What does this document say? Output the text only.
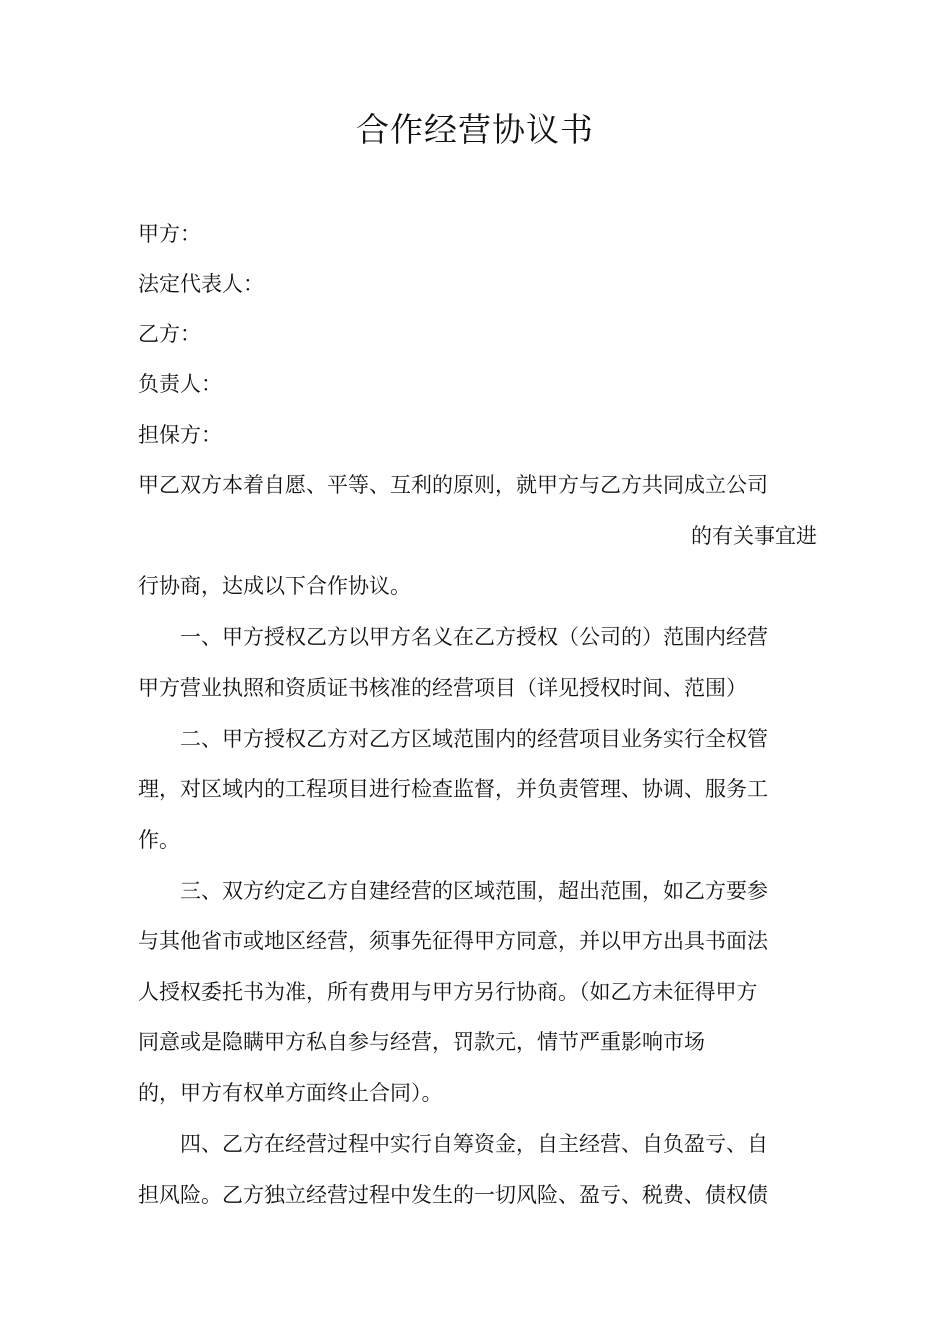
合作经营协议书

甲方：

法定代表人：

乙方：

负责人：

担保方：

甲乙双方本着自愿、平等、互利的原则，就甲方与乙方共同成立公司

的有关事宜进

行协商，达成以下合作协议。

　　一、甲方授权乙方以甲方名义在乙方授权（公司的）范围内经营

甲方营业执照和资质证书核准的经营项目（详见授权时间、范围）

　　二、甲方授权乙方对乙方区域范围内的经营项目业务实行全权管

理，对区域内的工程项目进行检查监督，并负责管理、协调、服务工

作。

　　三、双方约定乙方自建经营的区域范围，超出范围，如乙方要参

与其他省市或地区经营，须事先征得甲方同意，并以甲方出具书面法

人授权委托书为准，所有费用与甲方另行协商。（如乙方未征得甲方

同意或是隐瞒甲方私自参与经营，罚款元，情节严重影响市场

的，甲方有权单方面终止合同）。

　　四、乙方在经营过程中实行自筹资金，自主经营、自负盈亏、自

担风险。乙方独立经营过程中发生的一切风险、盈亏、税费、债权债
